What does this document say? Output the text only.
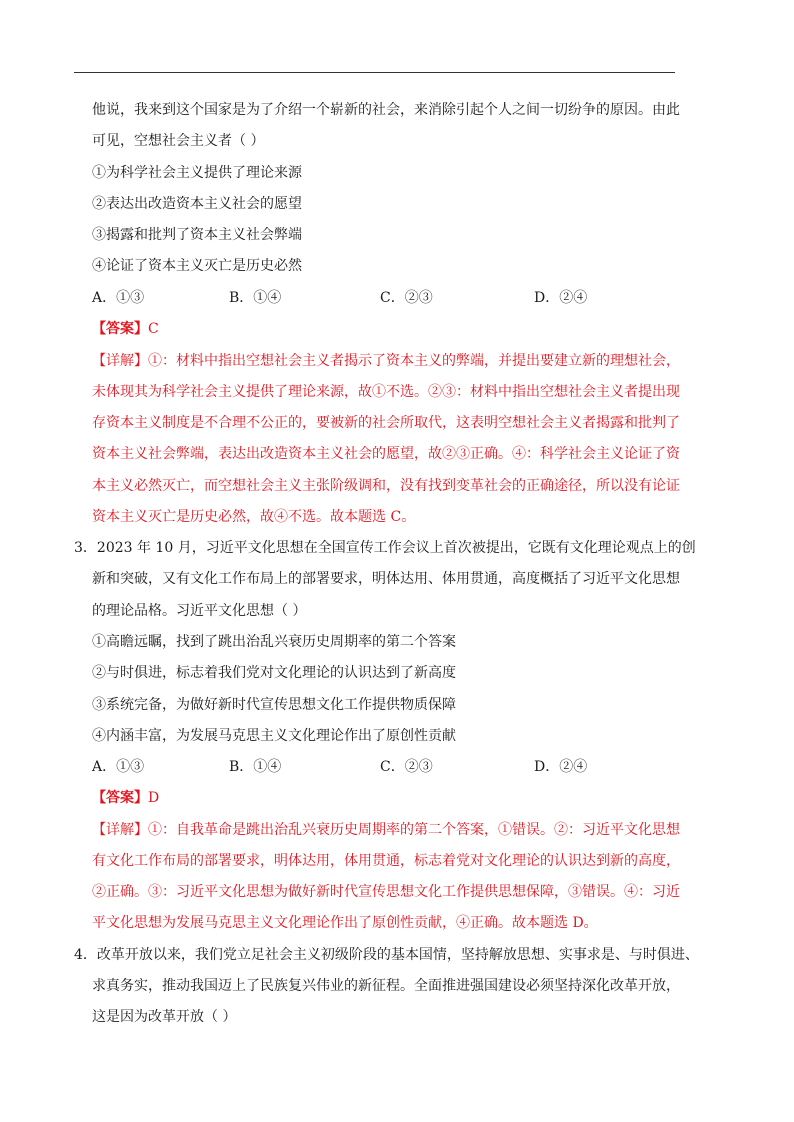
他说，我来到这个国家是为了介绍一个崭新的社会，来消除引起个人之间一切纷争的原因。由此
可见，空想社会主义者（ ）
①为科学社会主义提供了理论来源
②表达出改造资本主义社会的愿望
③揭露和批判了资本主义社会弊端
④论证了资本主义灭亡是历史必然
A．①③	B．①④	C．②③	D．②④
【答案】C
【详解】①：材料中指出空想社会主义者揭示了资本主义的弊端，并提出要建立新的理想社会，
未体现其为科学社会主义提供了理论来源，故①不选。②③：材料中指出空想社会主义者提出现
存资本主义制度是不合理不公正的，要被新的社会所取代，这表明空想社会主义者揭露和批判了
资本主义社会弊端，表达出改造资本主义社会的愿望，故②③正确。④：科学社会主义论证了资
本主义必然灭亡，而空想社会主义主张阶级调和，没有找到变革社会的正确途径，所以没有论证
资本主义灭亡是历史必然，故④不选。故本题选 C。
3．2023 年 10 月，习近平文化思想在全国宣传工作会议上首次被提出，它既有文化理论观点上的创
新和突破，又有文化工作布局上的部署要求，明体达用、体用贯通，高度概括了习近平文化思想
的理论品格。习近平文化思想（ ）
①高瞻远瞩，找到了跳出治乱兴衰历史周期率的第二个答案
②与时俱进，标志着我们党对文化理论的认识达到了新高度
③系统完备，为做好新时代宣传思想文化工作提供物质保障
④内涵丰富，为发展马克思主义文化理论作出了原创性贡献
A．①③	B．①④	C．②③	D．②④
【答案】D
【详解】①：自我革命是跳出治乱兴衰历史周期率的第二个答案，①错误。②：习近平文化思想
有文化工作布局的部署要求，明体达用，体用贯通，标志着党对文化理论的认识达到新的高度，
②正确。③：习近平文化思想为做好新时代宣传思想文化工作提供思想保障，③错误。④：习近
平文化思想为发展马克思主义文化理论作出了原创性贡献，④正确。故本题选 D。
4．改革开放以来，我们党立足社会主义初级阶段的基本国情，坚持解放思想、实事求是、与时俱进、
求真务实，推动我国迈上了民族复兴伟业的新征程。全面推进强国建设必须坚持深化改革开放，
这是因为改革开放（ ）
